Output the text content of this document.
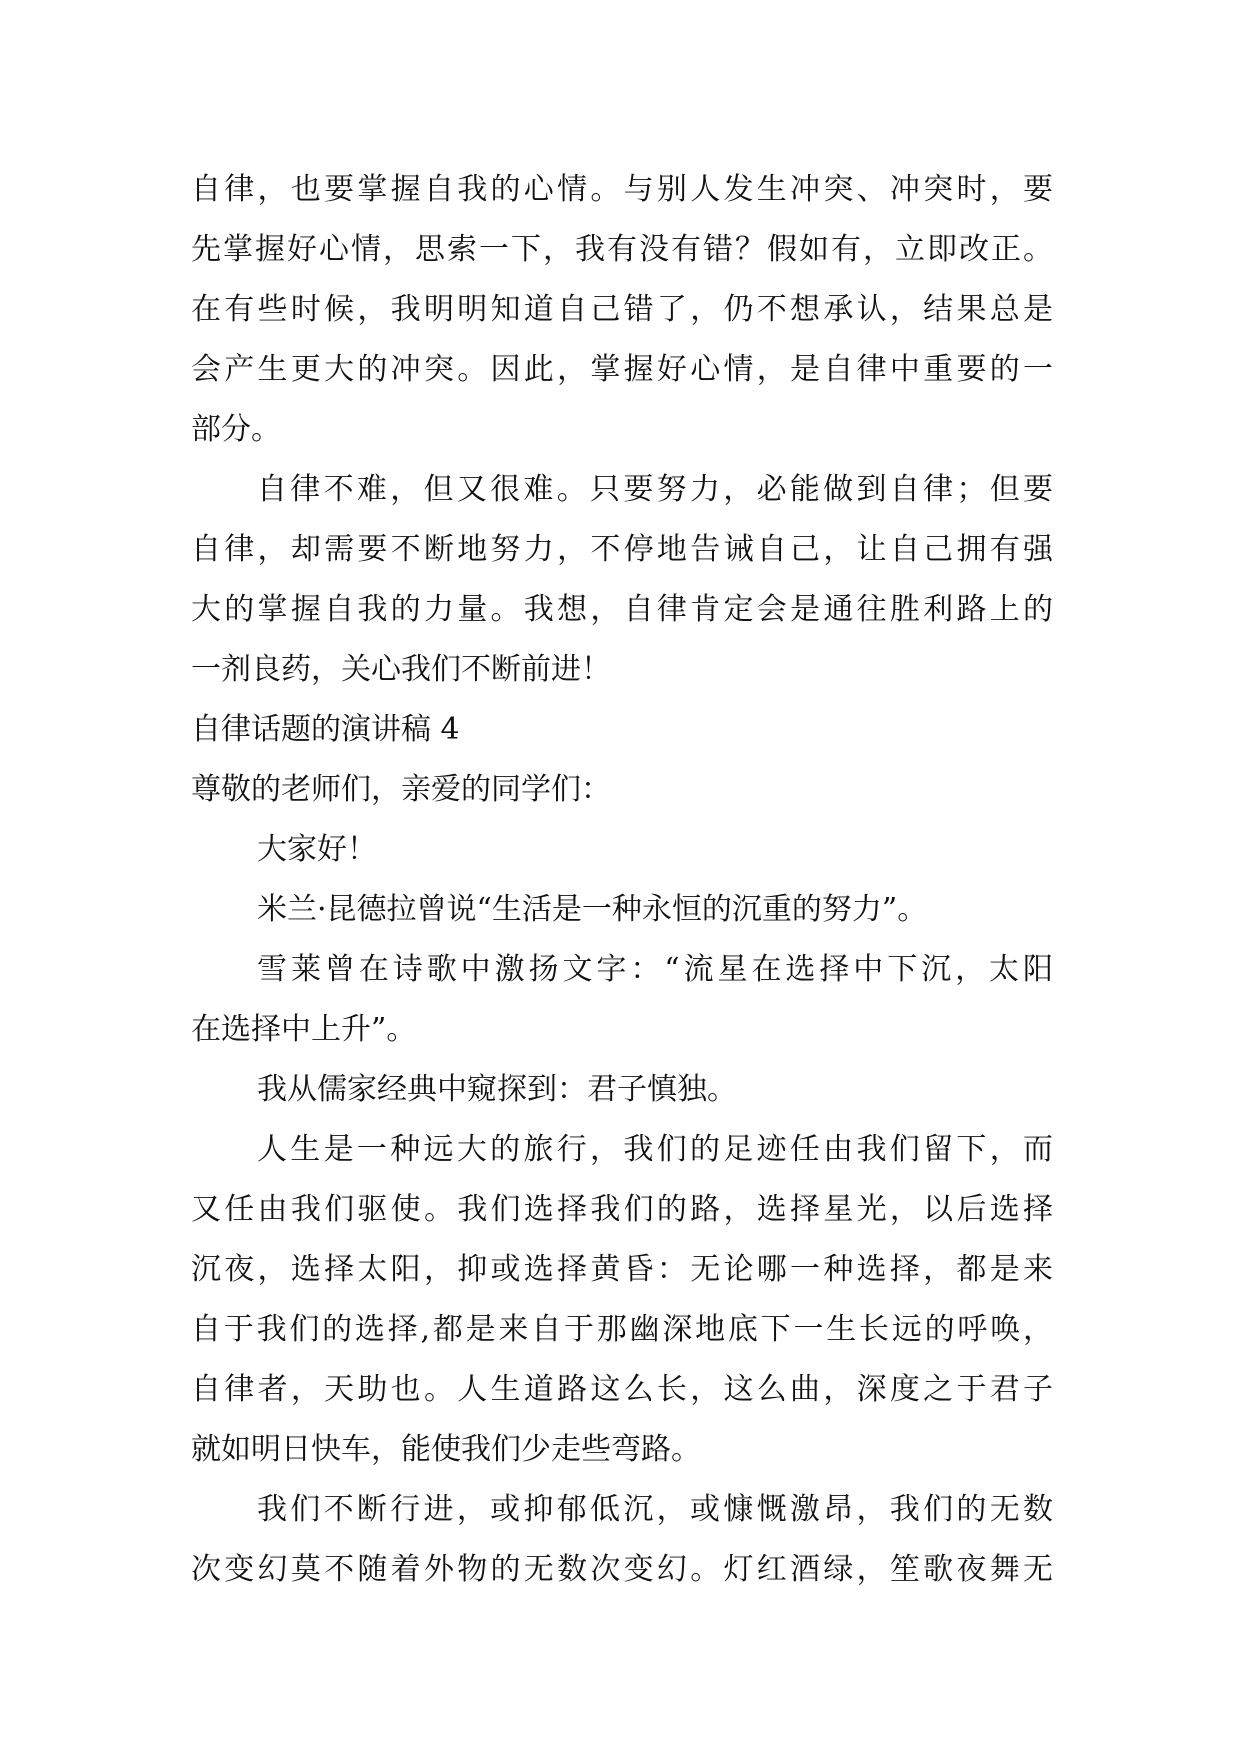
自律，也要掌握自我的心情。与别人发生冲突、冲突时，要
先掌握好心情，思索一下，我有没有错？假如有，立即改正。
在有些时候，我明明知道自己错了，仍不想承认，结果总是
会产生更大的冲突。因此，掌握好心情，是自律中重要的一
部分。
自律不难，但又很难。只要努力，必能做到自律；但要
自律，却需要不断地努力，不停地告诫自己，让自己拥有强
大的掌握自我的力量。我想，自律肯定会是通往胜利路上的
一剂良药，关心我们不断前进！
自律话题的演讲稿 4
尊敬的老师们，亲爱的同学们：
大家好！
米兰·昆德拉曾说“生活是一种永恒的沉重的努力”。
雪莱曾在诗歌中激扬文字：“流星在选择中下沉，太阳
在选择中上升”。
我从儒家经典中窥探到：君子慎独。
人生是一种远大的旅行，我们的足迹任由我们留下，而
又任由我们驱使。我们选择我们的路，选择星光，以后选择
沉夜，选择太阳，抑或选择黄昏：无论哪一种选择，都是来
自于我们的选择,都是来自于那幽深地底下一生长远的呼唤，
自律者，天助也。人生道路这么长，这么曲，深度之于君子
就如明日快车，能使我们少走些弯路。
我们不断行进，或抑郁低沉，或慷慨激昂，我们的无数
次变幻莫不随着外物的无数次变幻。灯红酒绿，笙歌夜舞无
